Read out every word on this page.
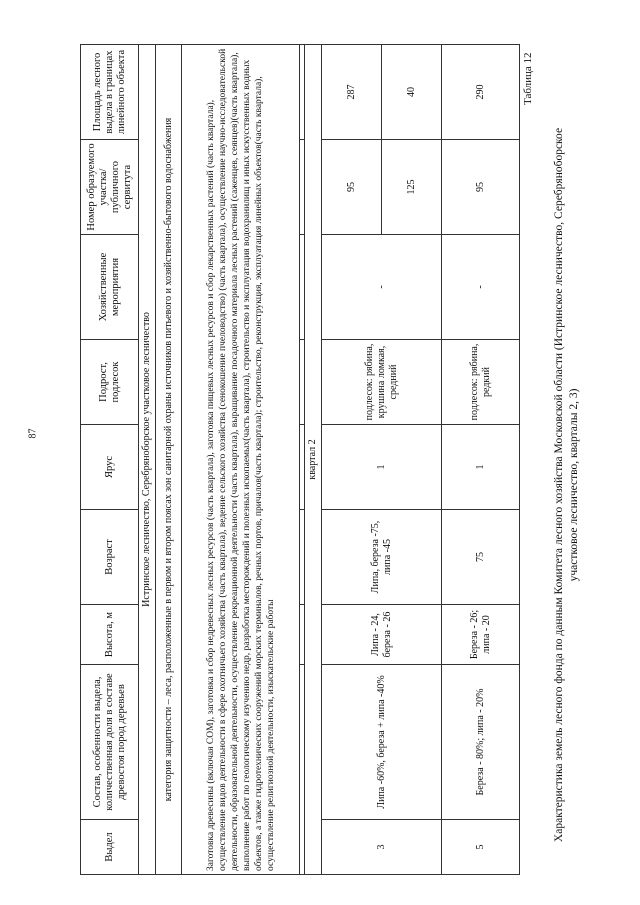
87	Характеристика земель лесного фонда по данным Комитета лесного хозяйства Московской области (Истринское лесничество, Серебряноборское участковое лесничество, кварталы 2, 3)
Таблица 12
Выдел	Состав, особенности выдела, количественная доля в составе древостоя пород деревьев	Высота, м	Возраст	Ярус	Подрост, подлесок	Хозяйственные мероприятия	Номер образуемого участка/ публичного сервитута	Площадь лесного выдела в границах линейного объекта
Истринское лесничество, Серебряноборское участковое лесничество								
категория защитности – леса, расположенные в первом и втором поясах зон санитарной охраны источников питьевого и хозяйственно-бытового водоснабжения								
Заготовка древесины (включая СОМ), заготовка и сбор недревесных лесных ресурсов (часть квартала), заготовка пищевых лесных ресурсов и сбор лекарственных растений (часть квартала), осуществление видов деятельности в сфере охотничьего хозяйства (часть квартала), ведение сельского хозяйства (сенокошение пчеловодство) (часть квартала), осуществление научно-исследовательской деятельности, образовательной деятельности, осуществление рекреационной деятельности (часть квартала), выращивание посадочного материала лесных растений (саженцев, сеянцев)(часть квартала), выполнение работ по геологическому изучению недр, разработка месторождений и полезных ископаемых(часть квартала), строительство и эксплуатация водохранилищ и иных искусственных водных объектов, а также гидротехнических сооружений морских терминалов, речных портов, причалов(часть квартала); строительство, реконструкция, эксплуатация линейных объектов(часть квартала), осуществление религиозной деятельности, изыскательские работы								

квартал 2								
3	Липа -60%, береза + липа -40%	Липа - 24, береза - 26	Липа, береза -75, липа -45	1	подлесок: рябина, крушина ломкая, средний	-	95	287
							125	40
5	Береза - 80%; липа - 20%	Береза - 26; липа - 20	75	1	подлесок: рябина, редкий	-	95	290
